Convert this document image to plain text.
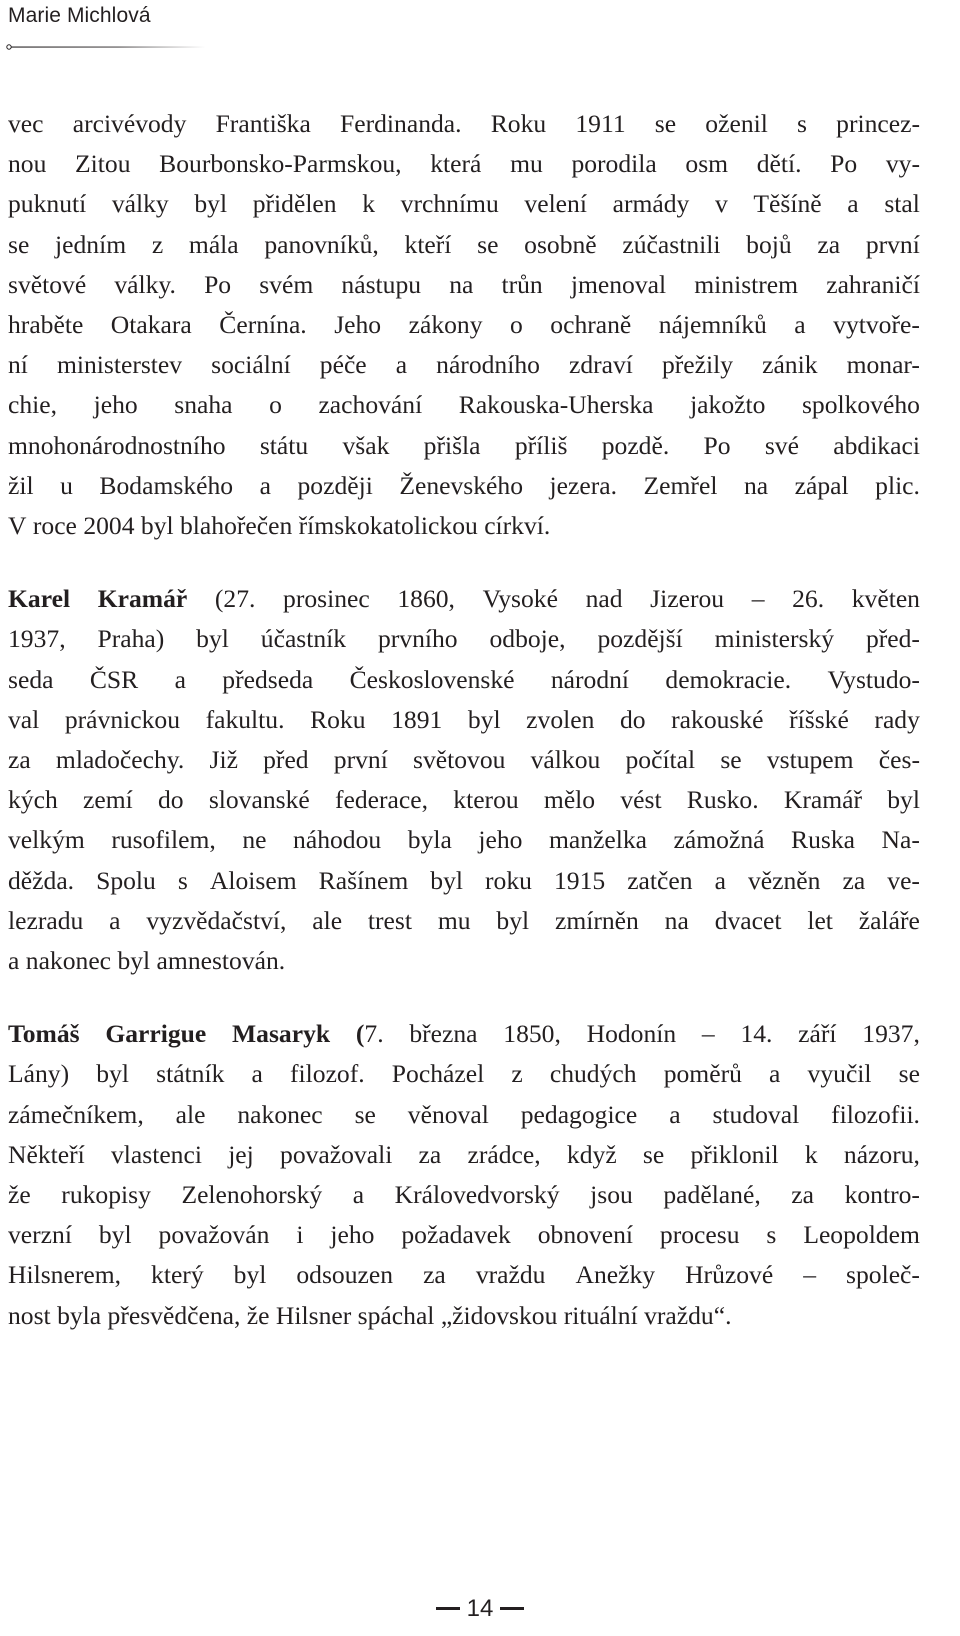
Marie Michlová

vec arcivévody Františka Ferdinanda. Roku 1911 se oženil s princez-

nou Zitou Bourbonsko-Parmskou, která mu porodila osm dětí. Po vy-

puknutí války byl přidělen k vrchnímu velení armády v Těšíně a stal

se jedním z mála panovníků, kteří se osobně zúčastnili bojů za první

světové války. Po svém nástupu na trůn jmenoval ministrem zahraničí

hraběte Otakara Černína. Jeho zákony o ochraně nájemníků a vytvoře-

ní ministerstev sociální péče a národního zdraví přežily zánik monar-

chie, jeho snaha o zachování Rakouska-Uherska jakožto spolkového

mnohonárodnostního státu však přišla příliš pozdě. Po své abdikaci

žil u Bodamského a později Ženevského jezera. Zemřel na zápal plic.

V roce 2004 byl blahořečen římskokatolickou církví.

Karel Kramář (27. prosinec 1860, Vysoké nad Jizerou – 26. květen

1937, Praha) byl účastník prvního odboje, pozdější ministerský před-

seda ČSR a předseda Československé národní demokracie. Vystudo-

val právnickou fakultu. Roku 1891 byl zvolen do rakouské říšské rady

za mladočechy. Již před první světovou válkou počítal se vstupem čes-

kých zemí do slovanské federace, kterou mělo vést Rusko. Kramář byl

velkým rusofilem, ne náhodou byla jeho manželka zámožná Ruska Na-

děžda. Spolu s Aloisem Rašínem byl roku 1915 zatčen a vězněn za ve-

lezradu a vyzvědačství, ale trest mu byl zmírněn na dvacet let žaláře

a nakonec byl amnestován.

Tomáš Garrigue Masaryk (7. března 1850, Hodonín – 14. září 1937,

Lány) byl státník a filozof. Pocházel z chudých poměrů a vyučil se

zámečníkem, ale nakonec se věnoval pedagogice a studoval filozofii.

Někteří vlastenci jej považovali za zrádce, když se přiklonil k názoru,

že rukopisy Zelenohorský a Královedvorský jsou padělané, za kontro-

verzní byl považován i jeho požadavek obnovení procesu s Leopoldem

Hilsnerem, který byl odsouzen za vraždu Anežky Hrůzové – společ-

nost byla přesvědčena, že Hilsner spáchal „židovskou rituální vraždu“.

14
